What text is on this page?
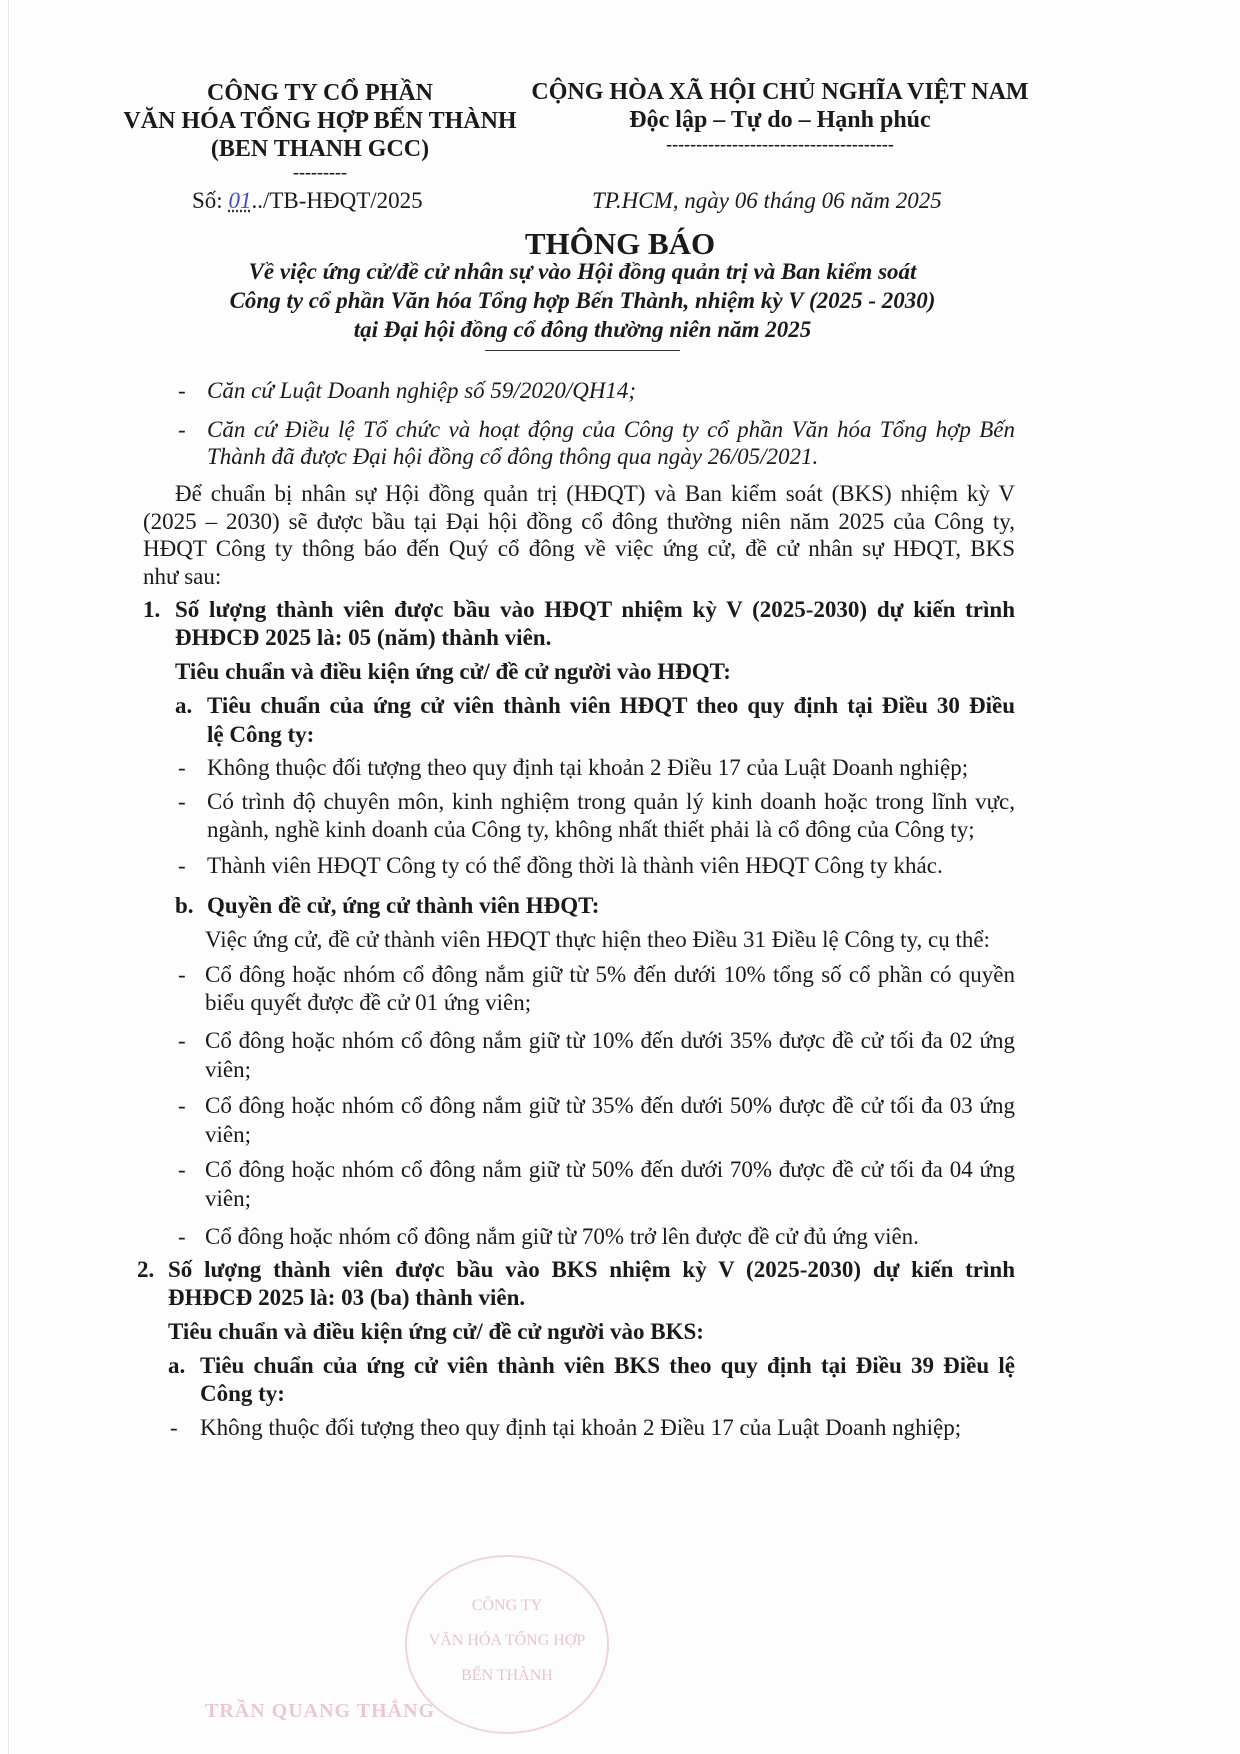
CÔNG TY CỔ PHẦN
VĂN HÓA TỔNG HỢP BẾN THÀNH
(BEN THANH GCC)
---------
Số: 01../TB-HĐQT/2025
CỘNG HÒA XÃ HỘI CHỦ NGHĨA VIỆT NAM
Độc lập – Tự do – Hạnh phúc
--------------------------------------
TP.HCM, ngày 06 tháng 06 năm 2025
THÔNG BÁO
Về việc ứng cử/đề cử nhân sự vào Hội đồng quản trị và Ban kiểm soát
Công ty cổ phần Văn hóa Tổng hợp Bến Thành, nhiệm kỳ V (2025 - 2030)
tại Đại hội đồng cổ đông thường niên năm 2025
- Căn cứ Luật Doanh nghiệp số 59/2020/QH14;
- Căn cứ Điều lệ Tổ chức và hoạt động của Công ty cổ phần Văn hóa Tổng hợp Bến
Thành đã được Đại hội đồng cổ đông thông qua ngày 26/05/2021.
Để chuẩn bị nhân sự Hội đồng quản trị (HĐQT) và Ban kiểm soát (BKS) nhiệm kỳ V
(2025 – 2030) sẽ được bầu tại Đại hội đồng cổ đông thường niên năm 2025 của Công ty,
HĐQT Công ty thông báo đến Quý cổ đông về việc ứng cử, đề cử nhân sự HĐQT, BKS
như sau:
1. Số lượng thành viên được bầu vào HĐQT nhiệm kỳ V (2025-2030) dự kiến trình
ĐHĐCĐ 2025 là: 05 (năm) thành viên.
Tiêu chuẩn và điều kiện ứng cử/ đề cử người vào HĐQT:
a. Tiêu chuẩn của ứng cử viên thành viên HĐQT theo quy định tại Điều 30 Điều
lệ Công ty:
- Không thuộc đối tượng theo quy định tại khoản 2 Điều 17 của Luật Doanh nghiệp;
- Có trình độ chuyên môn, kinh nghiệm trong quản lý kinh doanh hoặc trong lĩnh vực,
ngành, nghề kinh doanh của Công ty, không nhất thiết phải là cổ đông của Công ty;
- Thành viên HĐQT Công ty có thể đồng thời là thành viên HĐQT Công ty khác.
b. Quyền đề cử, ứng cử thành viên HĐQT:
Việc ứng cử, đề cử thành viên HĐQT thực hiện theo Điều 31 Điều lệ Công ty, cụ thể:
- Cổ đông hoặc nhóm cổ đông nắm giữ từ 5% đến dưới 10% tổng số cổ phần có quyền
biểu quyết được đề cử 01 ứng viên;
- Cổ đông hoặc nhóm cổ đông nắm giữ từ 10% đến dưới 35% được đề cử tối đa 02 ứng
viên;
- Cổ đông hoặc nhóm cổ đông nắm giữ từ 35% đến dưới 50% được đề cử tối đa 03 ứng
viên;
- Cổ đông hoặc nhóm cổ đông nắm giữ từ 50% đến dưới 70% được đề cử tối đa 04 ứng
viên;
- Cổ đông hoặc nhóm cổ đông nắm giữ từ 70% trở lên được đề cử đủ ứng viên.
2. Số lượng thành viên được bầu vào BKS nhiệm kỳ V (2025-2030) dự kiến trình
ĐHĐCĐ 2025 là: 03 (ba) thành viên.
Tiêu chuẩn và điều kiện ứng cử/ đề cử người vào BKS:
a. Tiêu chuẩn của ứng cử viên thành viên BKS theo quy định tại Điều 39 Điều lệ
Công ty:
- Không thuộc đối tượng theo quy định tại khoản 2 Điều 17 của Luật Doanh nghiệp;
CÔNG TY
VĂN HÓA TỔNG HỢP
BẾN THÀNH
TRẦN QUANG THẮNG
